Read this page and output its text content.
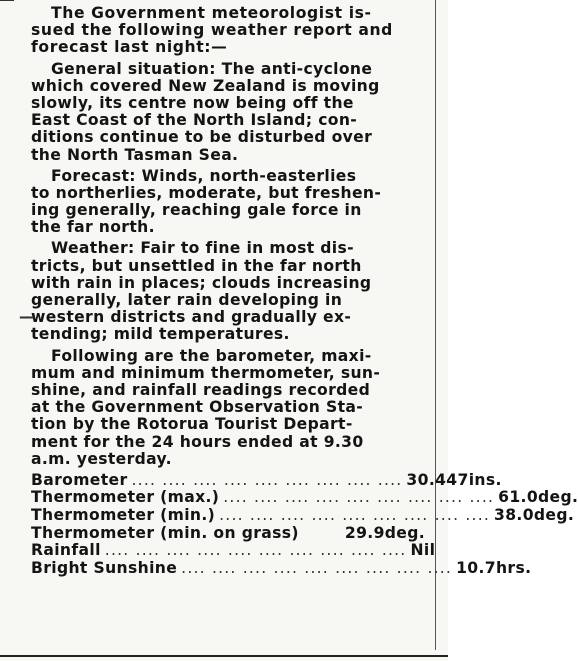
The Government meteorologist is-
sued the following weather report and
forecast last night:—
General situation: The anti-cyclone
which covered New Zealand is moving
slowly, its centre now being off the
East Coast of the North Island; con-
ditions continue to be disturbed over
the North Tasman Sea.
Forecast: Winds, north-easterlies
to northerlies, moderate, but freshen-
ing generally, reaching gale force in
the far north.
Weather: Fair to fine in most dis-
tricts, but unsettled in the far north
with rain in places; clouds increasing
generally, later rain developing in
—
western districts and gradually ex-
tending; mild temperatures.
Following are the barometer, maxi-
mum and minimum thermometer, sun-
shine, and rainfall readings recorded
at the Government Observation Sta-
tion by the Rotorua Tourist Depart-
ment for the 24 hours ended at 9.30
a.m. yesterday.
Barometer .... .... .... .... .... .... .... .... .... 30.447ins.
Thermometer (max.) .... .... .... .... .... .... .... .... .... 61.0deg.
Thermometer (min.) .... .... .... .... .... .... .... .... .... 38.0deg.
Thermometer (min. on grass)	29.9deg.
Rainfall .... .... .... .... .... .... .... .... .... .... Nil
Bright Sunshine .... .... .... .... .... .... .... .... .... 10.7hrs.
